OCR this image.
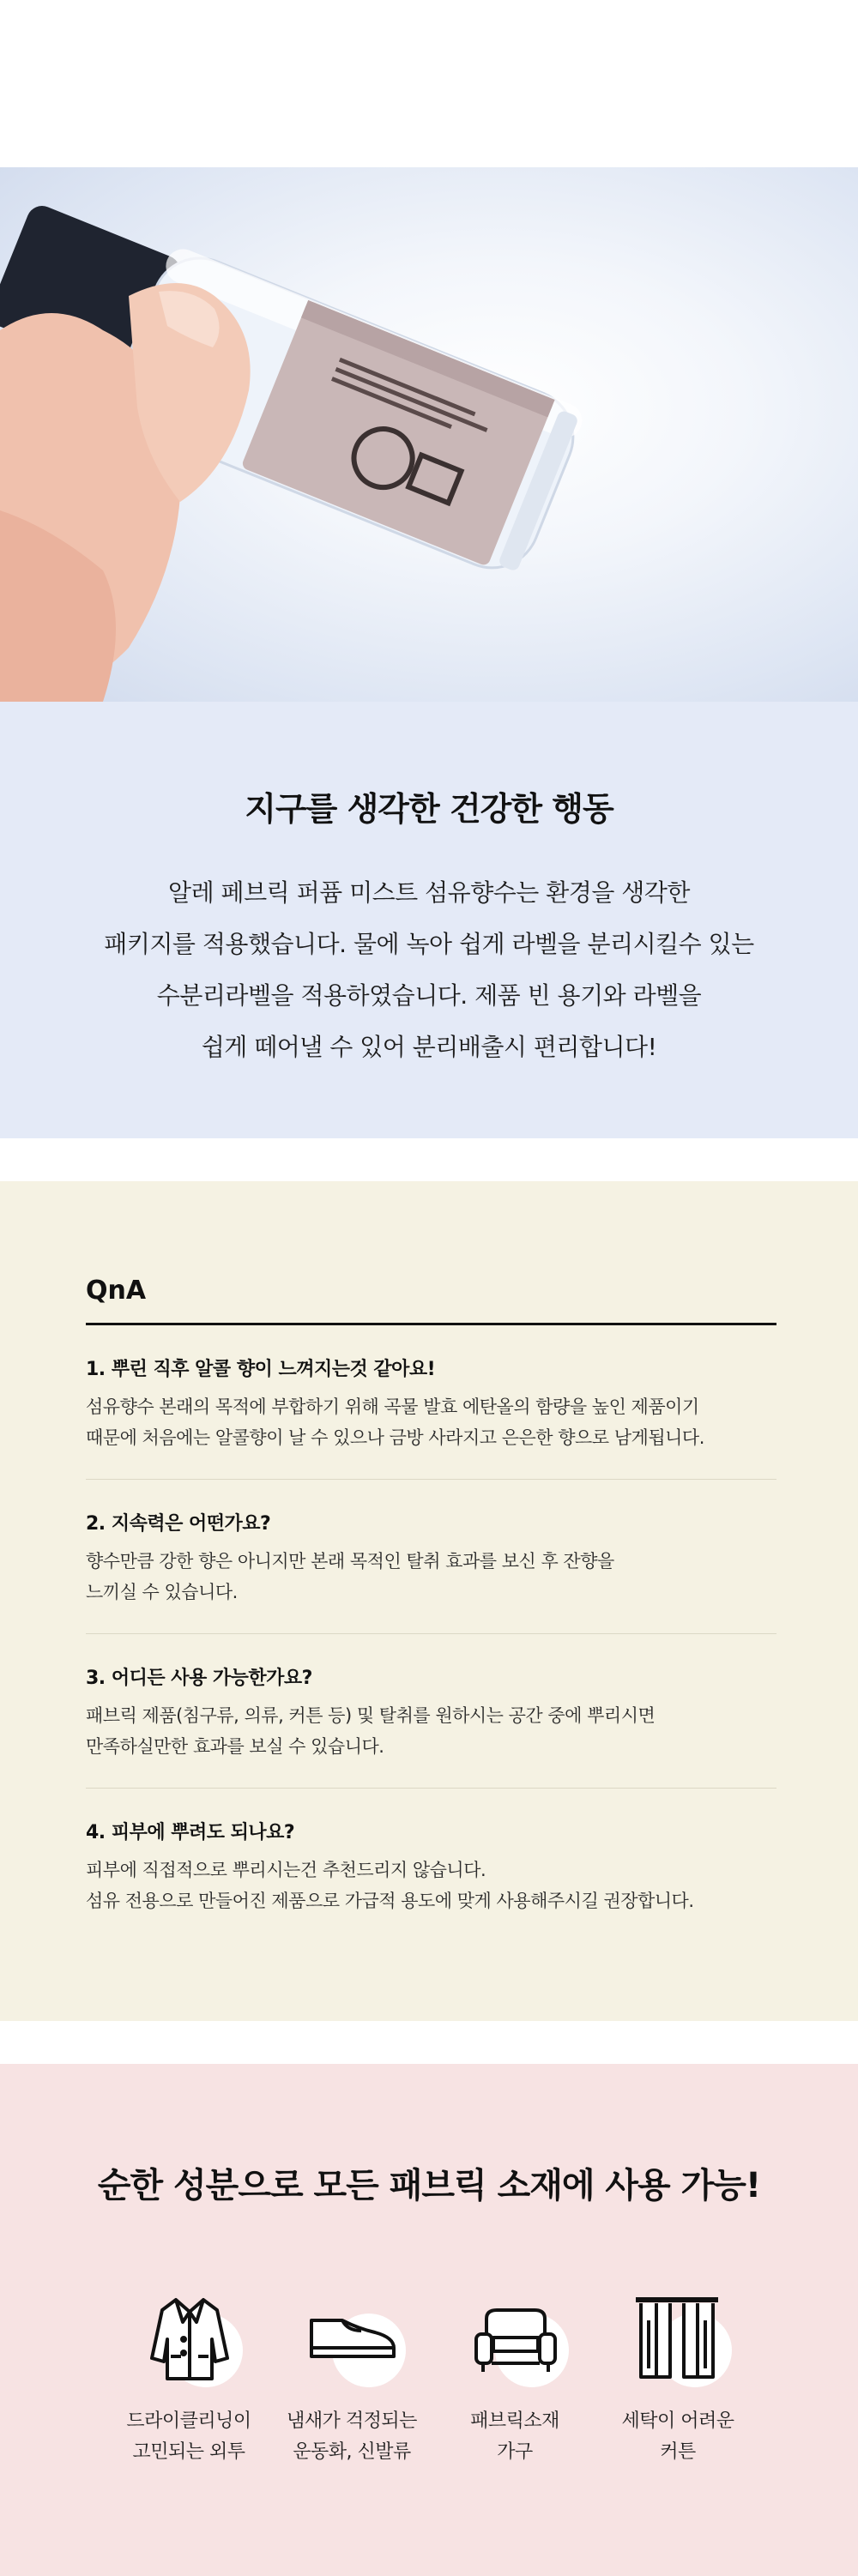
지구를 생각한 건강한 행동
알레 페브릭 퍼퓸 미스트 섬유향수는 환경을 생각한
패키지를 적용했습니다. 물에 녹아 쉽게 라벨을 분리시킬수 있는
수분리라벨을 적용하였습니다. 제품 빈 용기와 라벨을
쉽게 떼어낼 수 있어 분리배출시 편리합니다!
QnA
1. 뿌린 직후 알콜 향이 느껴지는것 같아요!
섬유향수 본래의 목적에 부합하기 위해 곡물 발효 에탄올의 함량을 높인 제품이기
때문에 처음에는 알콜향이 날 수 있으나 금방 사라지고 은은한 향으로 남게됩니다.
2. 지속력은 어떤가요?
향수만큼 강한 향은 아니지만 본래 목적인 탈취 효과를 보신 후 잔향을
느끼실 수 있습니다.
3. 어디든 사용 가능한가요?
패브릭 제품(침구류, 의류, 커튼 등) 및 탈취를 원하시는 공간 중에 뿌리시면
만족하실만한 효과를 보실 수 있습니다.
4. 피부에 뿌려도 되나요?
피부에 직접적으로 뿌리시는건 추천드리지 않습니다.
섬유 전용으로 만들어진 제품으로 가급적 용도에 맞게 사용해주시길 권장합니다.
순한 성분으로 모든 패브릭 소재에 사용 가능!
드라이클리닝이
고민되는 외투
냄새가 걱정되는
운동화, 신발류
패브릭소재
가구
세탁이 어려운
커튼
